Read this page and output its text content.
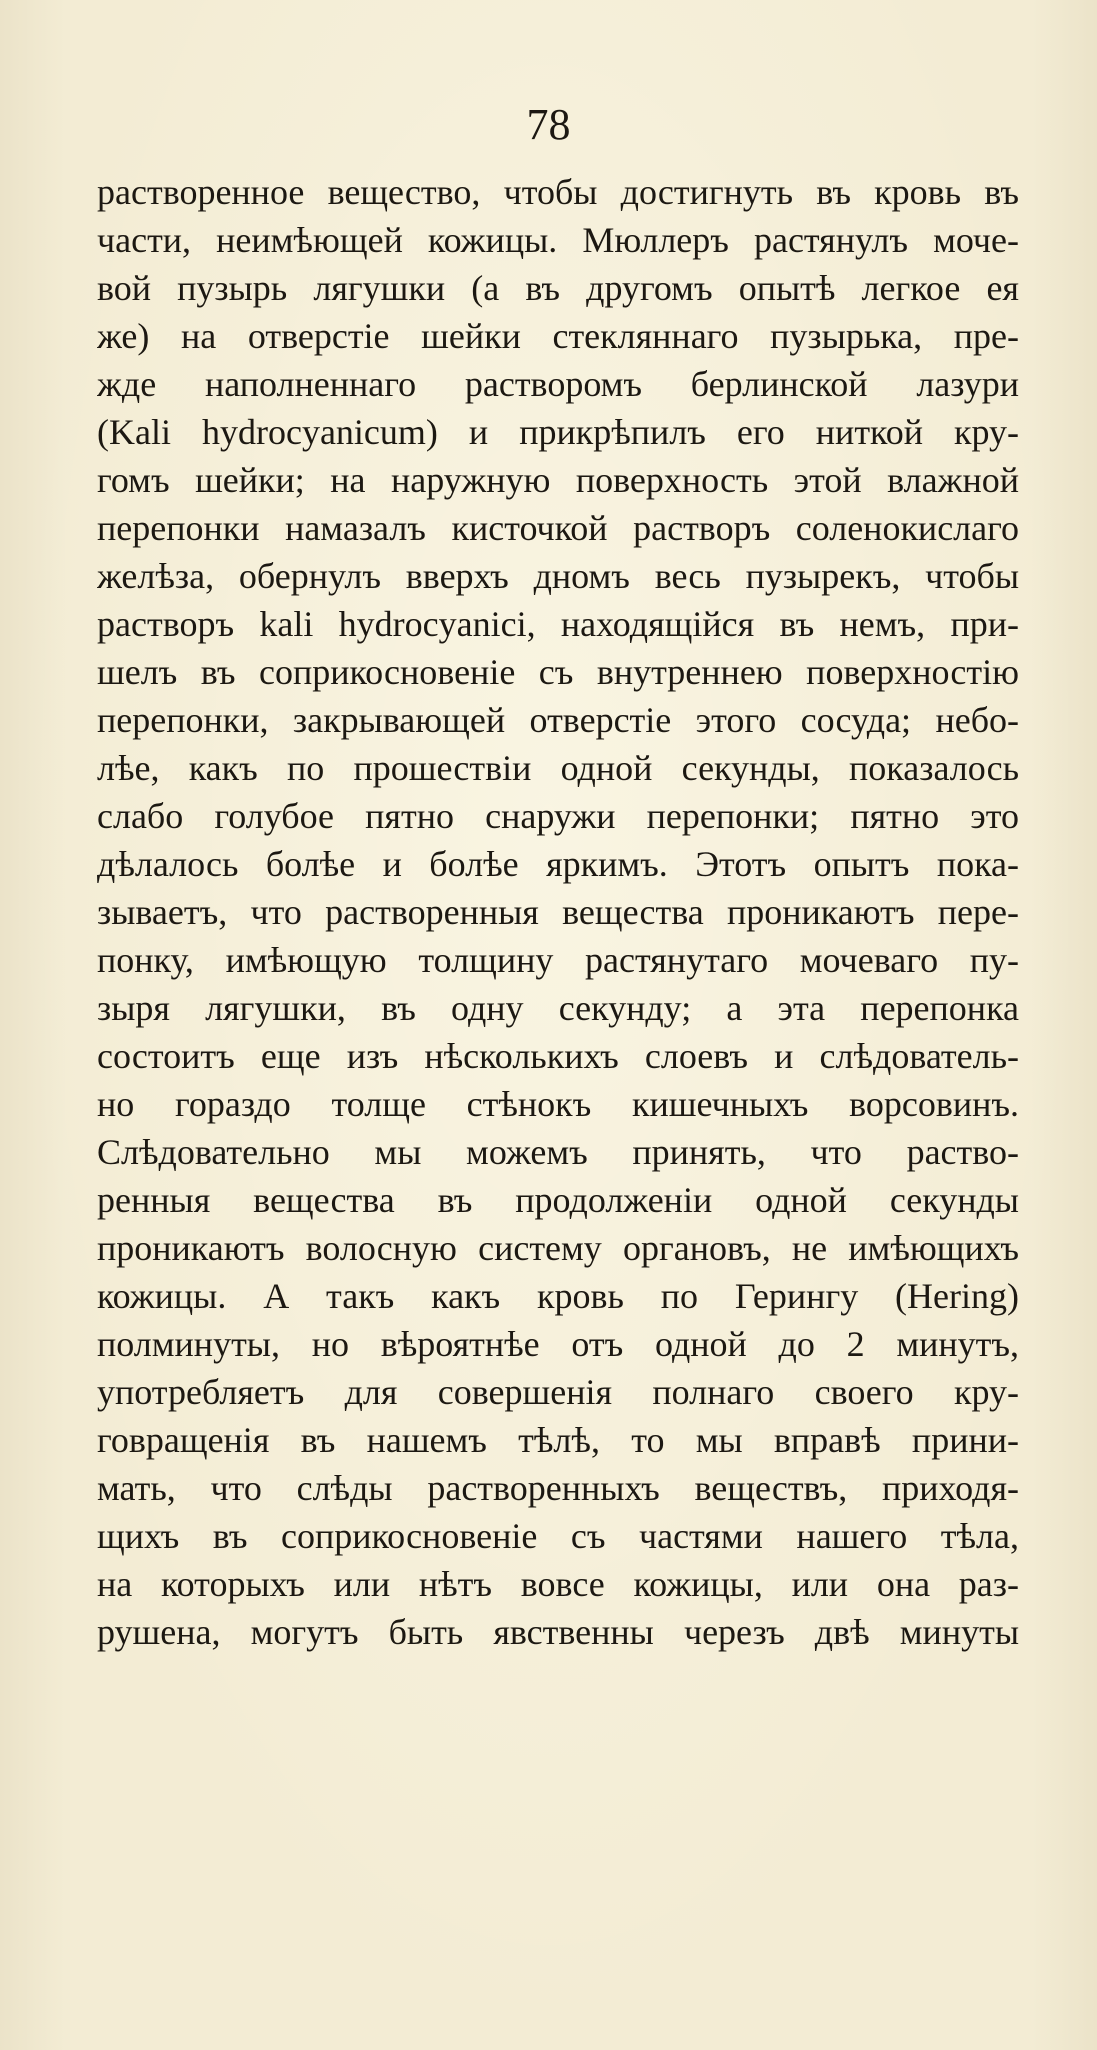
78
растворенное вещество, чтобы достигнуть въ кровь въ
части, неимѣющей кожицы. Мюллеръ растянулъ моче-
вой пузырь лягушки (а въ другомъ опытѣ легкое ея
же) на отверстіе шейки стекляннаго пузырька, пре-
жде наполненнаго растворомъ берлинской лазури
(Kali hydrocyanicum) и прикрѣпилъ его ниткой кру-
гомъ шейки; на наружную поверхность этой влажной
перепонки намазалъ кисточкой растворъ соленокислаго
желѣза, обернулъ вверхъ дномъ весь пузырекъ, чтобы
растворъ kali hydrocyanici, находящійся въ немъ, при-
шелъ въ соприкосновеніе съ внутреннею поверхностію
перепонки, закрывающей отверстіе этого сосуда; небо-
лѣе, какъ по прошествіи одной секунды, показалось
слабо голубое пятно снаружи перепонки; пятно это
дѣлалось болѣе и болѣе яркимъ. Этотъ опытъ пока-
зываетъ, что растворенныя вещества проникаютъ пере-
понку, имѣющую толщину растянутаго мочеваго пу-
зыря лягушки, въ одну секунду; а эта перепонка
состоитъ еще изъ нѣсколькихъ слоевъ и слѣдователь-
но гораздо толще стѣнокъ кишечныхъ ворсовинъ.
Слѣдовательно мы можемъ принять, что раство-
ренныя вещества въ продолженіи одной секунды
проникаютъ волосную систему органовъ, не имѣющихъ
кожицы. А такъ какъ кровь по Герингу (Hering)
полминуты, но вѣроятнѣе отъ одной до 2 минутъ,
употребляетъ для совершенія полнаго своего кру-
говращенія въ нашемъ тѣлѣ, то мы вправѣ прини-
мать, что слѣды растворенныхъ веществъ, приходя-
щихъ въ соприкосновеніе съ частями нашего тѣла,
на которыхъ или нѣтъ вовсе кожицы, или она раз-
рушена, могутъ быть явственны черезъ двѣ минуты
